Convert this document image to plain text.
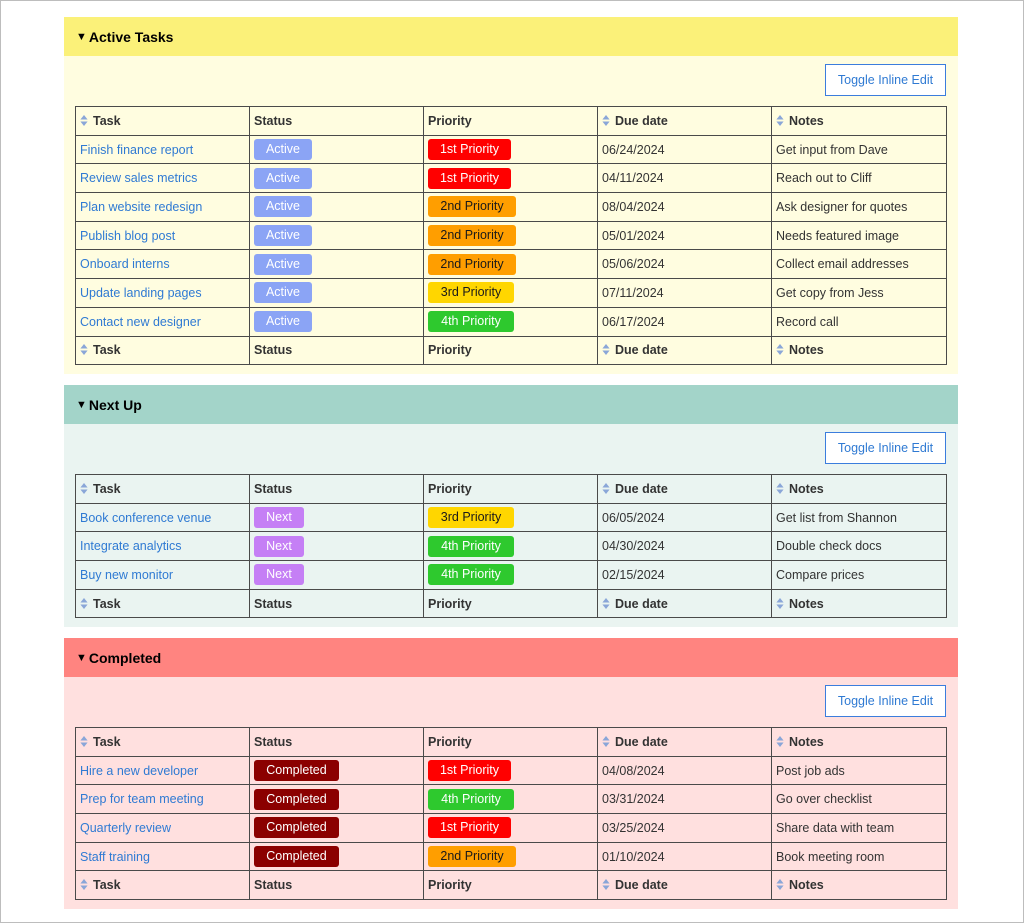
▼ Active Tasks
Toggle Inline Edit
Task	Status	Priority	Due date	Notes
Finish finance report	Active	1st Priority	06/24/2024	Get input from Dave
Review sales metrics	Active	1st Priority	04/11/2024	Reach out to Cliff
Plan website redesign	Active	2nd Priority	08/04/2024	Ask designer for quotes
Publish blog post	Active	2nd Priority	05/01/2024	Needs featured image
Onboard interns	Active	2nd Priority	05/06/2024	Collect email addresses
Update landing pages	Active	3rd Priority	07/11/2024	Get copy from Jess
Contact new designer	Active	4th Priority	06/17/2024	Record call
Task	Status	Priority	Due date	Notes
▼ Next Up
Toggle Inline Edit
Task	Status	Priority	Due date	Notes
Book conference venue	Next	3rd Priority	06/05/2024	Get list from Shannon
Integrate analytics	Next	4th Priority	04/30/2024	Double check docs
Buy new monitor	Next	4th Priority	02/15/2024	Compare prices
Task	Status	Priority	Due date	Notes
▼ Completed
Toggle Inline Edit
Task	Status	Priority	Due date	Notes
Hire a new developer	Completed	1st Priority	04/08/2024	Post job ads
Prep for team meeting	Completed	4th Priority	03/31/2024	Go over checklist
Quarterly review	Completed	1st Priority	03/25/2024	Share data with team
Staff training	Completed	2nd Priority	01/10/2024	Book meeting room
Task	Status	Priority	Due date	Notes
